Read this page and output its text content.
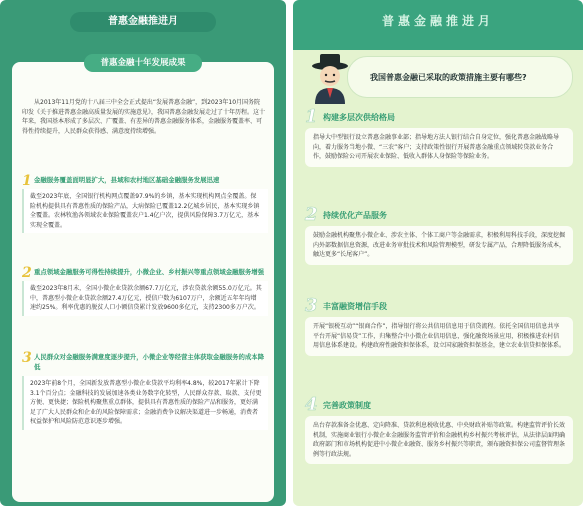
普惠金融推进月
普惠金融十年发展成果
从2013年11月党的十八届三中全会正式提出“发展普惠金融”，到2023年10月国务院印发《关于推进普惠金融高质量发展的实施意见》，我国普惠金融发展走过了十年历程。这十年来，我国基本形成了多层次、广覆盖、有差异的普惠金融服务体系，金融服务覆盖率、可得性持续提升，人民群众获得感、满意度持续增强。
1 金融服务覆盖面明显扩大，县域和农村地区基础金融服务发展迅速
截至2023年底，全国银行机构网点覆盖97.9%的乡镇，基本实现机构网点全覆盖。保险机构提供具有普惠性质的保险产品，大病保险已覆盖12.2亿城乡居民，基本实现乡镇全覆盖。农林牧渔各领域农业保险覆盖农户1.4亿户次，提供风险保障3.7万亿元，基本实现全覆盖。
2 重点领域金融服务可得性持续提升，小微企业、乡村振兴等重点领域金融服务增强
截至2023年8月末，全国小微企业贷款余额67.7万亿元，涉农贷款余额55.0万亿元。其中，普惠型小微企业贷款余额27.4万亿元，授信户数为6107万户，余额近五年年均增速约25%。利率优惠的脱贫人口小额信贷累计发放9600多亿元，支持2300多万户次。
3 人民群众对金融服务满意度逐步提升，小微企业等经营主体获取金融服务的成本降低
2023年前8个月，全国新发放普惠型小微企业贷款平均利率4.8%，较2017年累计下降3.1个百分点；金融科技的发展加速各类业务数字化转型，人民群众存款、取款、支付更方便、更快捷；保险机构聚焦重点群体，提供具有普惠性质的保险产品和服务，更好满足了广大人民群众和企业的风险保障需求；金融消费争议解决渠道进一步畅通，消费者权益保护和风险防范意识逐步增强。
普惠金融推进月
我国普惠金融已采取的政策措施主要有哪些?
1 构建多层次供给格局
指导大中型银行设立普惠金融事业部；指导地方法人银行结合自身定位，强化普惠金融战略导向，着力服务当地小微、“三农”客户；支持政策性银行开展普惠金融重点领域转贷款业务合作，鼓励保险公司开展农业保险、低收入群体人身保险等保险业务。
2 持续优化产品服务
鼓励金融机构聚焦小微企业、涉农主体、个体工商户等金融需求，积极利用科技手段，深度挖掘内外部数据信息资源，改进业务审批技术和风险管理模型，研发专属产品，合理降低服务成本，触达更多“长尾客户”。
3 丰富融资增信手段
开展“银税互动”“银商合作”，指导银行将公共信用信息用于信贷流程。依托全国信用信息共享平台开展“信易贷”工作，归集整合中小微企业信用信息，强化融资场景应用，积极推进农村信用信息体系建设。构建政府性融资担保体系，设立国家融资担保基金，建立农业信贷担保体系。
4 完善政策制度
出台存款准备金优惠、定向降准、贷款利息税收优惠、中央财政补贴等政策。构建监管评价长效机制，实施商业银行小微企业金融服务监管评价和金融机构乡村振兴考核评估，从法律层面明确政府部门和市场机构促进中小微企业融资、服务乡村振兴等职责，颁布融资担保公司监督管理条例等行政法规。
